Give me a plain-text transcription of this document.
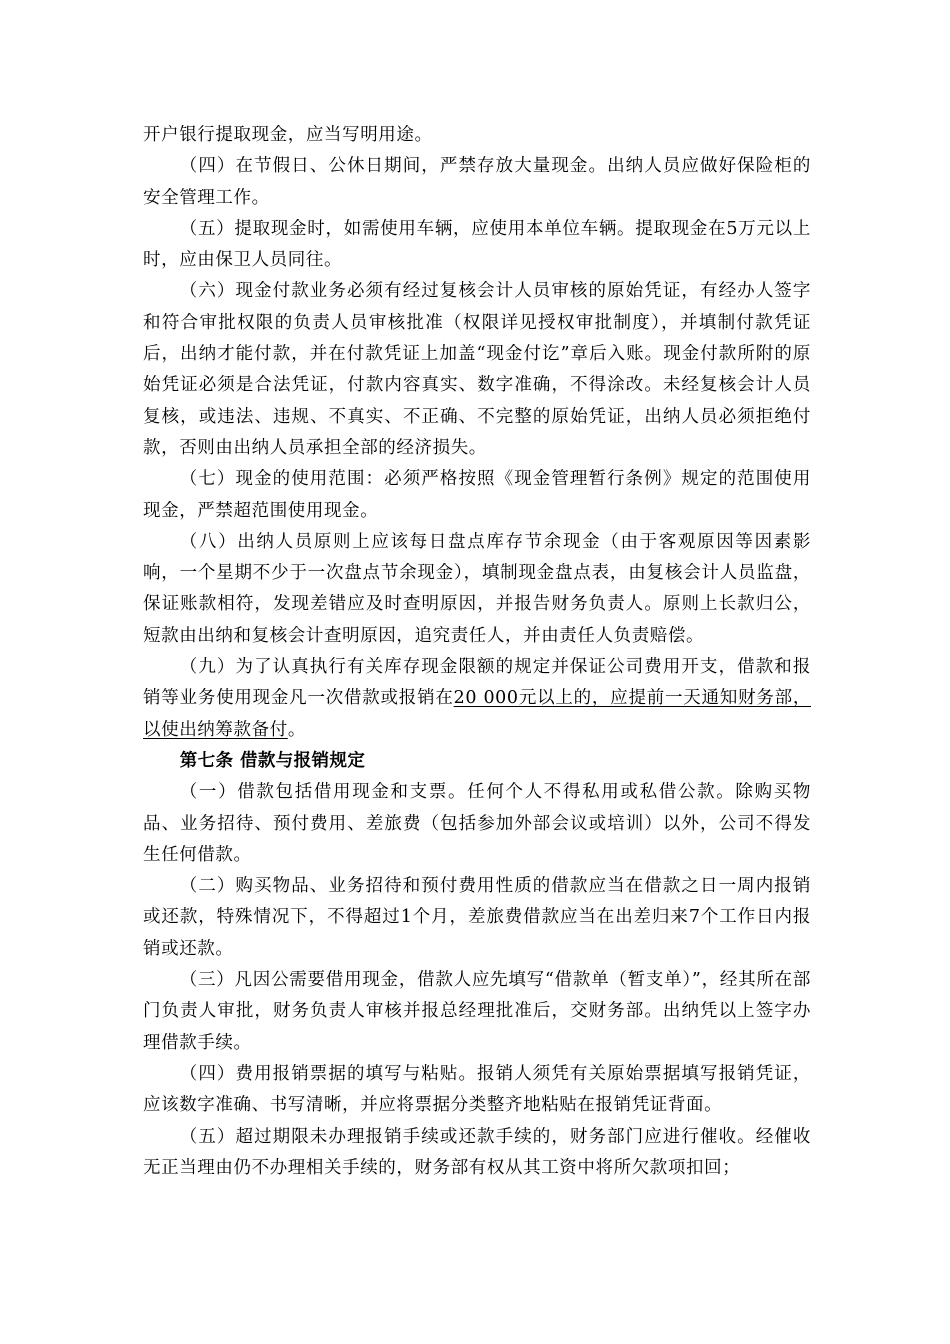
开户银行提取现金，应当写明用途。

（四）在节假日、公休日期间，严禁存放大量现金。出纳人员应做好保险柜的安全管理工作。

（五）提取现金时，如需使用车辆，应使用本单位车辆。提取现金在5万元以上时，应由保卫人员同往。

（六）现金付款业务必须有经过复核会计人员审核的原始凭证，有经办人签字和符合审批权限的负责人员审核批准（权限详见授权审批制度），并填制付款凭证后，出纳才能付款，并在付款凭证上加盖“现金付讫”章后入账。现金付款所附的原始凭证必须是合法凭证，付款内容真实、数字准确，不得涂改。未经复核会计人员复核，或违法、违规、不真实、不正确、不完整的原始凭证，出纳人员必须拒绝付款，否则由出纳人员承担全部的经济损失。

（七）现金的使用范围：必须严格按照《现金管理暂行条例》规定的范围使用现金，严禁超范围使用现金。

（八）出纳人员原则上应该每日盘点库存节余现金（由于客观原因等因素影响，一个星期不少于一次盘点节余现金），填制现金盘点表，由复核会计人员监盘，保证账款相符，发现差错应及时查明原因，并报告财务负责人。原则上长款归公，短款由出纳和复核会计查明原因，追究责任人，并由责任人负责赔偿。

（九）为了认真执行有关库存现金限额的规定并保证公司费用开支，借款和报销等业务使用现金凡一次借款或报销在20 000元以上的，应提前一天通知财务部，以使出纳筹款备付。

第七条 借款与报销规定

（一）借款包括借用现金和支票。任何个人不得私用或私借公款。除购买物品、业务招待、预付费用、差旅费（包括参加外部会议或培训）以外，公司不得发生任何借款。

（二）购买物品、业务招待和预付费用性质的借款应当在借款之日一周内报销或还款，特殊情况下，不得超过1个月，差旅费借款应当在出差归来7个工作日内报销或还款。

（三）凡因公需要借用现金，借款人应先填写“借款单（暂支单）”，经其所在部门负责人审批，财务负责人审核并报总经理批准后，交财务部。出纳凭以上签字办理借款手续。

（四）费用报销票据的填写与粘贴。报销人须凭有关原始票据填写报销凭证，应该数字准确、书写清晰，并应将票据分类整齐地粘贴在报销凭证背面。

（五）超过期限未办理报销手续或还款手续的，财务部门应进行催收。经催收无正当理由仍不办理相关手续的，财务部有权从其工资中将所欠款项扣回；
